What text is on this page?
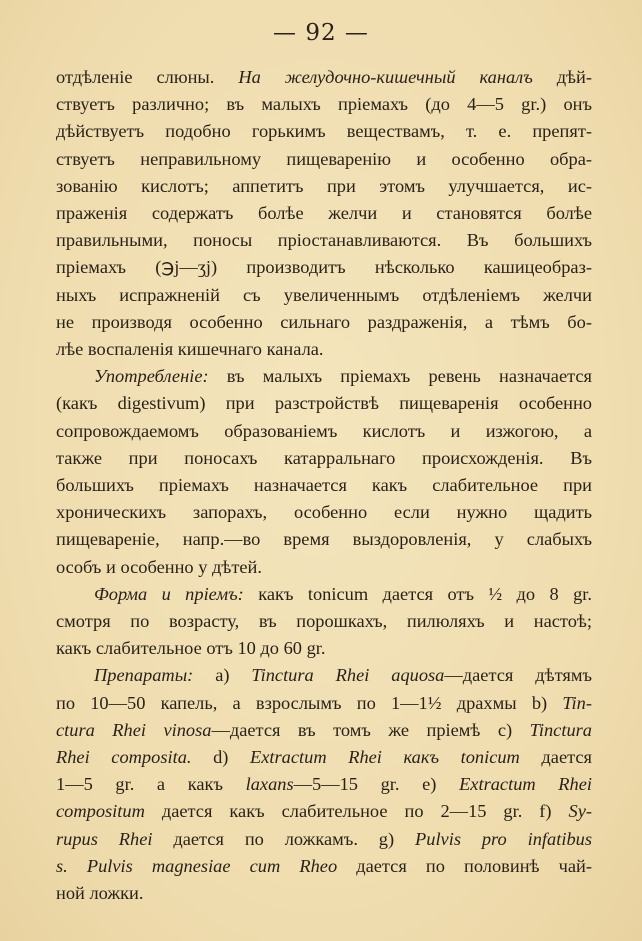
— 92 —
отдѣленіе слюны. На желудочно-кишечный каналъ дѣй-
ствуетъ различно; въ малыхъ пріемахъ (до 4—5 gr.) онъ
дѣйствуетъ подобно горькимъ веществамъ, т. е. препят-
ствуетъ неправильному пищеваренію и особенно обра-
зованію кислотъ; аппетитъ при этомъ улучшается, ис-
праженія содержатъ болѣе желчи и становятся болѣе
правильными, поносы пріостанавливаются. Въ большихъ
пріемахъ (℈j—ʒj) производитъ нѣсколько кашицеобраз-
ныхъ испражненій съ увеличеннымъ отдѣленіемъ желчи
не производя особенно сильнаго раздраженія, а тѣмъ бо-
лѣе воспаленія кишечнаго канала.
Употребленіе: въ малыхъ пріемахъ ревень назначается
(какъ digestivum) при разстройствѣ пищеваренія особенно
сопровождаемомъ образованіемъ кислотъ и изжогою, а
также при поносахъ катарральнаго происхожденія. Въ
большихъ пріемахъ назначается какъ слабительное при
хроническихъ запорахъ, особенно если нужно щадить
пищевареніе, напр.—во время выздоровленія, у слабыхъ
особъ и особенно у дѣтей.
Форма и пріемъ: какъ tonicum дается отъ ½ до 8 gr.
смотря по возрасту, въ порошкахъ, пилюляхъ и настоѣ;
какъ слабительное отъ 10 до 60 gr.
Препараты: a) Tinctura Rhei aquosa—дается дѣтямъ
по 10—50 капель, а взрослымъ по 1—1½ драхмы b) Tin-
ctura Rhei vinosa—дается въ томъ же пріемѣ c) Tinctura
Rhei composita. d) Extractum Rhei какъ tonicum дается
1—5 gr. а какъ laxans—5—15 gr. e) Extractum Rhei
compositum дается какъ слабительное по 2—15 gr. f) Sy-
rupus Rhei дается по ложкамъ. g) Pulvis pro infatibus
s. Pulvis magnesiae cum Rheo дается по половинѣ чай-
ной ложки.
